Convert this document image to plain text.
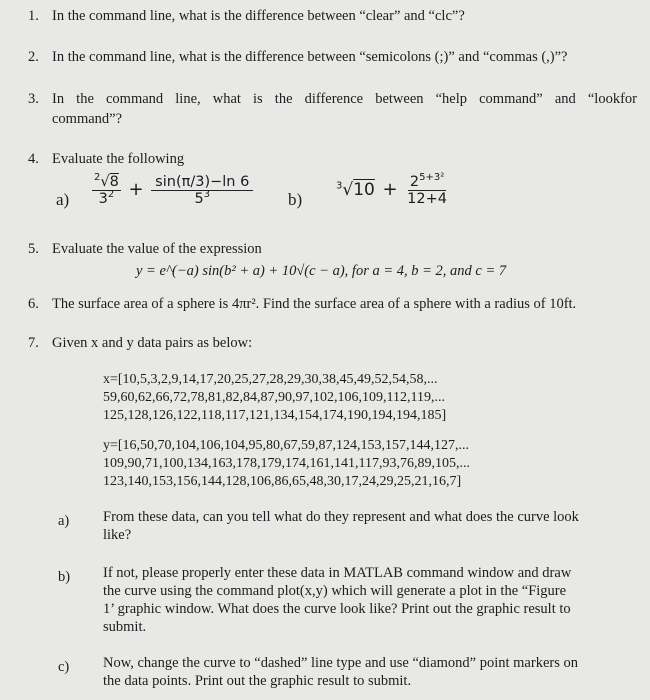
1. In the command line, what is the difference between “clear” and “clc”?
2. In the command line, what is the difference between “semicolons (;)” and “commas (,)”?
3. In the command line, what is the difference between “help command” and “lookfor
command”?
4. Evaluate the following
$a) \frac{^2√8}{3^2} + \frac{\sin(\pi/3)-\ln 6}{5^3} b$)
$^3√10 + \frac{2^{5+3^2}}{12+4}$
5. Evaluate the value of the expression
y = e^(−a) sin(b² + a) + 10√(c − a), for a = 4, b = 2, and c = 7
6. The surface area of a sphere is 4πr². Find the surface area of a sphere with a radius of 10ft.
7. Given x and y data pairs as below:
x=[10,5,3,2,9,14,17,20,25,27,28,29,30,38,45,49,52,54,58,...
59,60,62,66,72,78,81,82,84,87,90,97,102,106,109,112,119,...
125,128,126,122,118,117,121,134,154,174,190,194,194,185]
y=[16,50,70,104,106,104,95,80,67,59,87,124,153,157,144,127,...
109,90,71,100,134,163,178,179,174,161,141,117,93,76,89,105,...
123,140,153,156,144,128,106,86,65,48,30,17,24,29,25,21,16,7]
a) From these data, can you tell what do they represent and what does the curve look
like?
b) If not, please properly enter these data in MATLAB command window and draw
the curve using the command plot(x,y) which will generate a plot in the “Figure
1’ graphic window. What does the curve look like? Print out the graphic result to
submit.
c) Now, change the curve to “dashed” line type and use “diamond” point markers on
the data points. Print out the graphic result to submit.
